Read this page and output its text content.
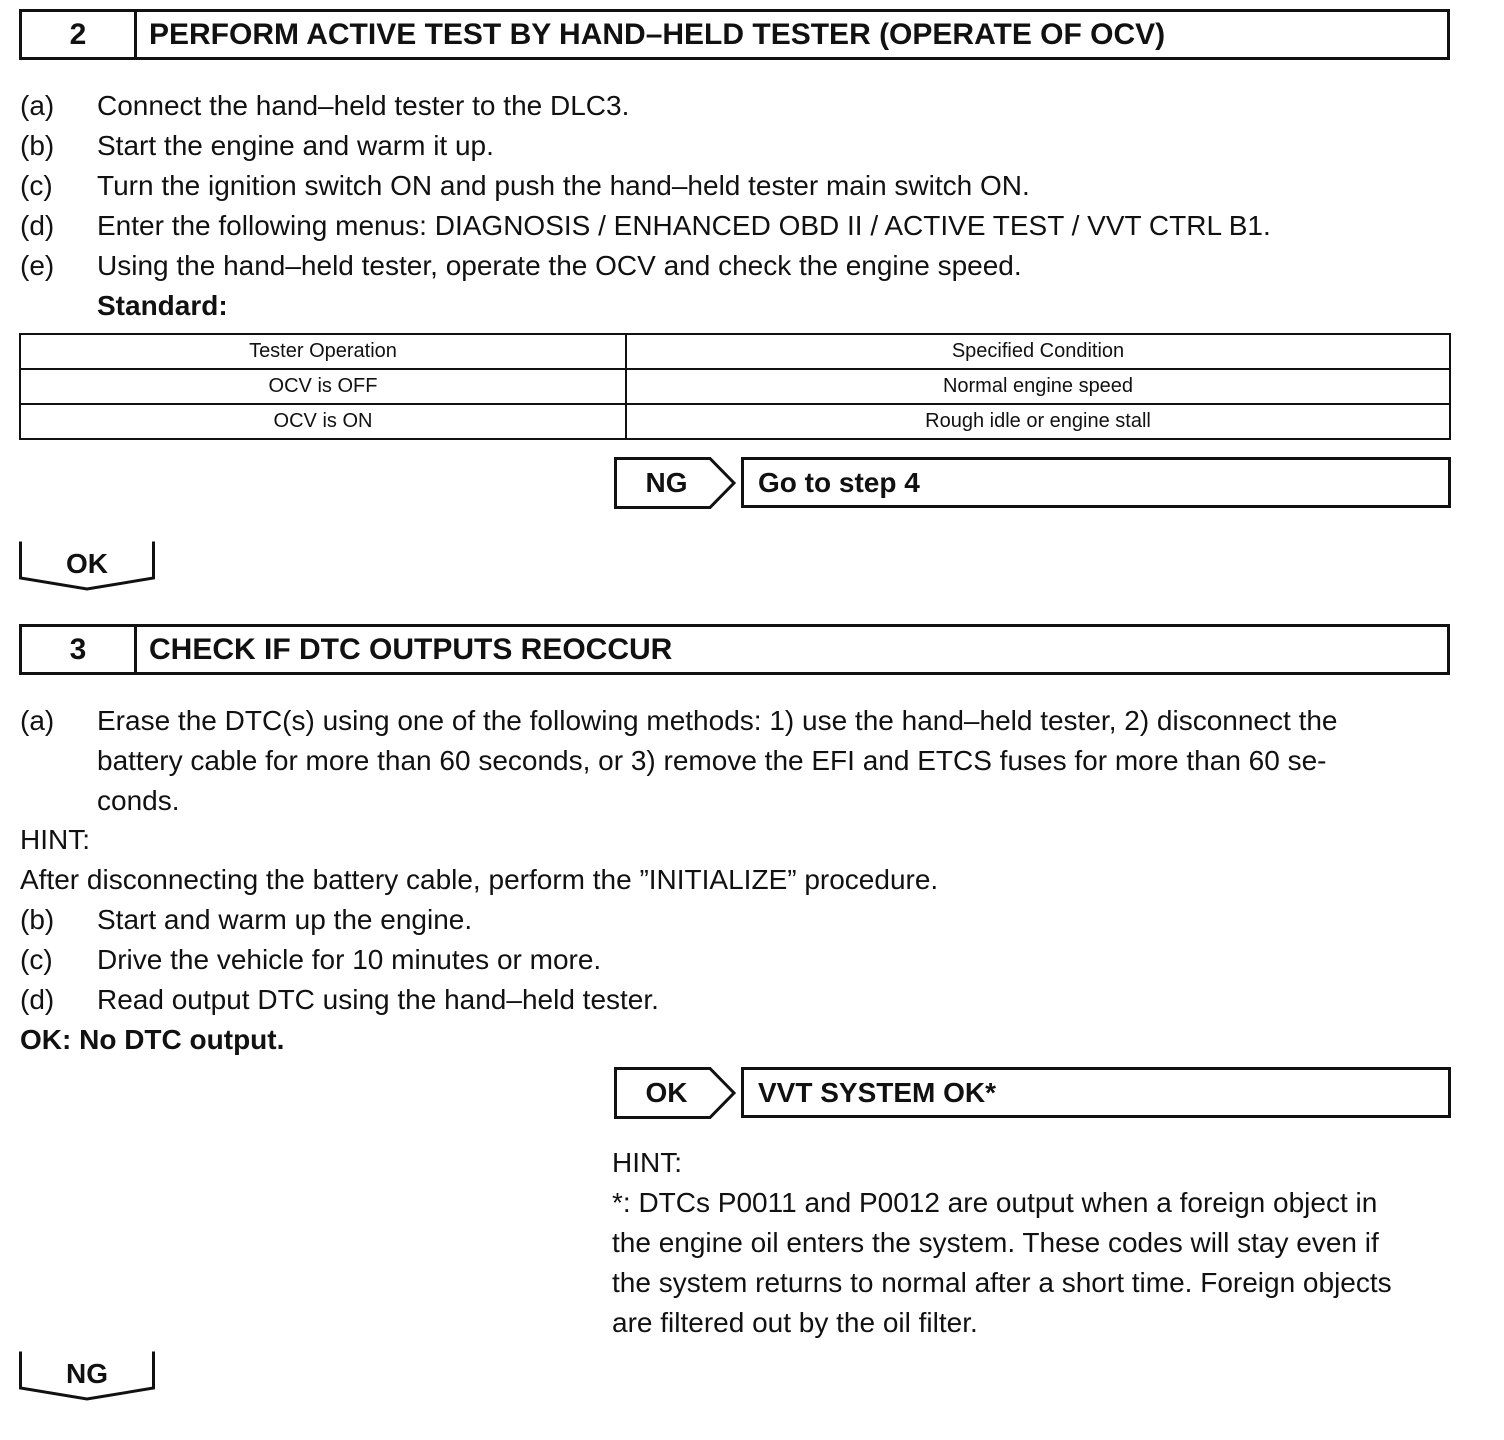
2	PERFORM ACTIVE TEST BY HAND–HELD TESTER (OPERATE OF OCV)
(a) Connect the hand–held tester to the DLC3.
(b) Start the engine and warm it up.
(c) Turn the ignition switch ON and push the hand–held tester main switch ON.
(d) Enter the following menus: DIAGNOSIS / ENHANCED OBD II / ACTIVE TEST / VVT CTRL B1.
(e) Using the hand–held tester, operate the OCV and check the engine speed.
Standard:
Tester Operation	Specified Condition
OCV is OFF	Normal engine speed
OCV is ON	Rough idle or engine stall
NG	Go to step 4
OK
3	CHECK IF DTC OUTPUTS REOCCUR
(a) Erase the DTC(s) using one of the following methods: 1) use the hand–held tester, 2) disconnect the
battery cable for more than 60 seconds, or 3) remove the EFI and ETCS fuses for more than 60 se-
conds.
HINT:
After disconnecting the battery cable, perform the ”INITIALIZE” procedure.
(b) Start and warm up the engine.
(c) Drive the vehicle for 10 minutes or more.
(d) Read output DTC using the hand–held tester.
OK: No DTC output.
OK	VVT SYSTEM OK*
HINT:
*: DTCs P0011 and P0012 are output when a foreign object in
the engine oil enters the system. These codes will stay even if
the system returns to normal after a short time. Foreign objects
are filtered out by the oil filter.
NG
